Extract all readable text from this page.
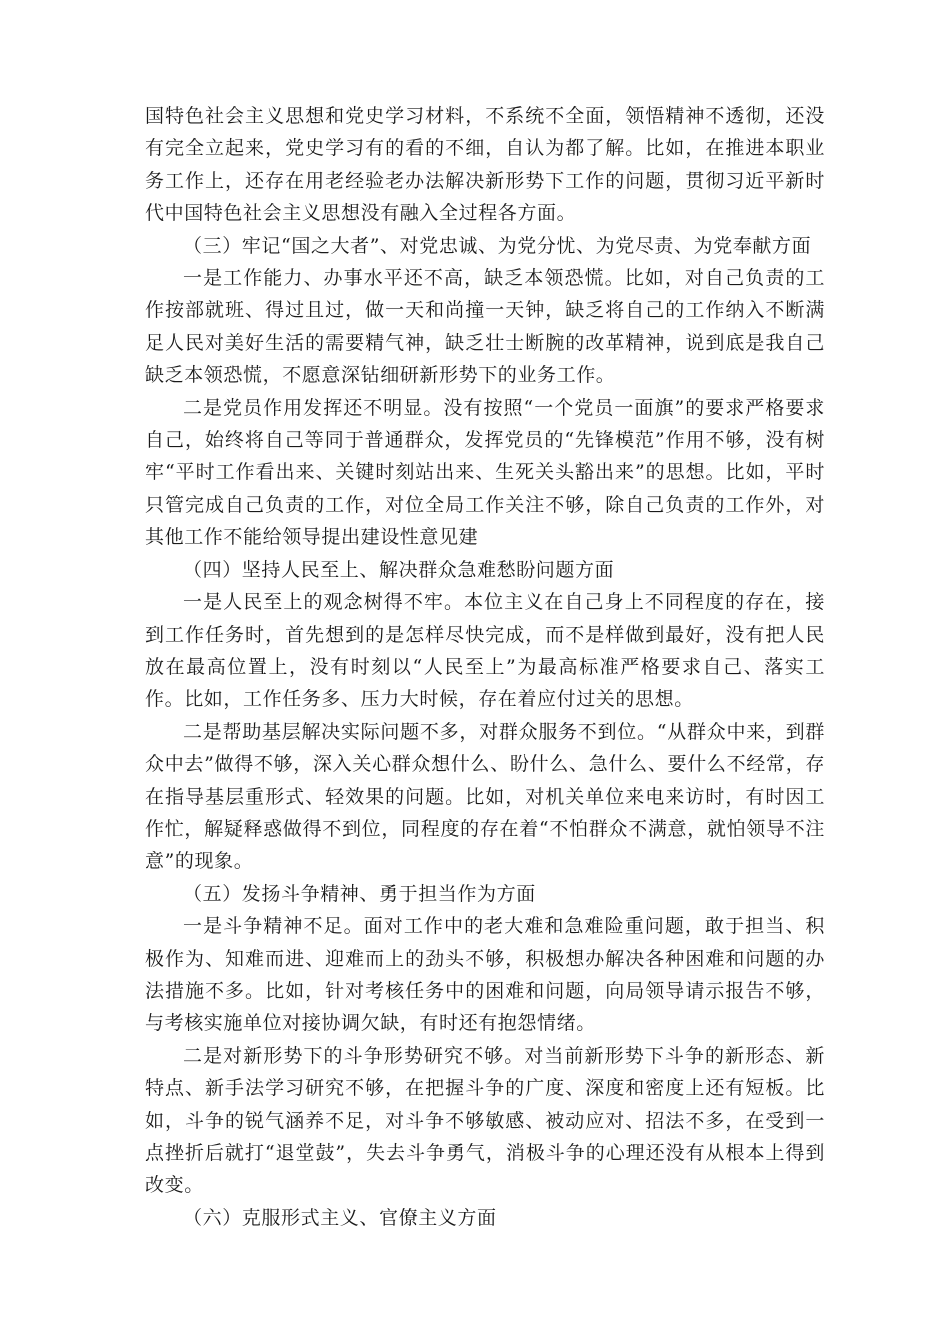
国特色社会主义思想和党史学习材料，不系统不全面，领悟精神不透彻，还没有完全立起来，党史学习有的看的不细，自认为都了解。比如，在推进本职业务工作上，还存在用老经验老办法解决新形势下工作的问题，贯彻习近平新时代中国特色社会主义思想没有融入全过程各方面。

（三）牢记“国之大者”、对党忠诚、为党分忧、为党尽责、为党奉献方面

一是工作能力、办事水平还不高，缺乏本领恐慌。比如，对自己负责的工作按部就班、得过且过，做一天和尚撞一天钟，缺乏将自己的工作纳入不断满足人民对美好生活的需要精气神，缺乏壮士断腕的改革精神，说到底是我自己缺乏本领恐慌，不愿意深钻细研新形势下的业务工作。

二是党员作用发挥还不明显。没有按照“一个党员一面旗”的要求严格要求自己，始终将自己等同于普通群众，发挥党员的“先锋模范”作用不够，没有树牢“平时工作看出来、关键时刻站出来、生死关头豁出来”的思想。比如，平时只管完成自己负责的工作，对位全局工作关注不够，除自己负责的工作外，对其他工作不能给领导提出建设性意见建

（四）坚持人民至上、解决群众急难愁盼问题方面

一是人民至上的观念树得不牢。本位主义在自己身上不同程度的存在，接到工作任务时，首先想到的是怎样尽快完成，而不是样做到最好，没有把人民放在最高位置上，没有时刻以“人民至上”为最高标准严格要求自己、落实工作。比如，工作任务多、压力大时候，存在着应付过关的思想。

二是帮助基层解决实际问题不多，对群众服务不到位。“从群众中来，到群众中去”做得不够，深入关心群众想什么、盼什么、急什么、要什么不经常，存在指导基层重形式、轻效果的问题。比如，对机关单位来电来访时，有时因工作忙，解疑释惑做得不到位，同程度的存在着“不怕群众不满意，就怕领导不注意”的现象。

（五）发扬斗争精神、勇于担当作为方面

一是斗争精神不足。面对工作中的老大难和急难险重问题，敢于担当、积极作为、知难而进、迎难而上的劲头不够，积极想办解决各种困难和问题的办法措施不多。比如，针对考核任务中的困难和问题，向局领导请示报告不够，与考核实施单位对接协调欠缺，有时还有抱怨情绪。

二是对新形势下的斗争形势研究不够。对当前新形势下斗争的新形态、新特点、新手法学习研究不够，在把握斗争的广度、深度和密度上还有短板。比如，斗争的锐气涵养不足，对斗争不够敏感、被动应对、招法不多，在受到一点挫折后就打“退堂鼓”，失去斗争勇气，消极斗争的心理还没有从根本上得到改变。

（六）克服形式主义、官僚主义方面
